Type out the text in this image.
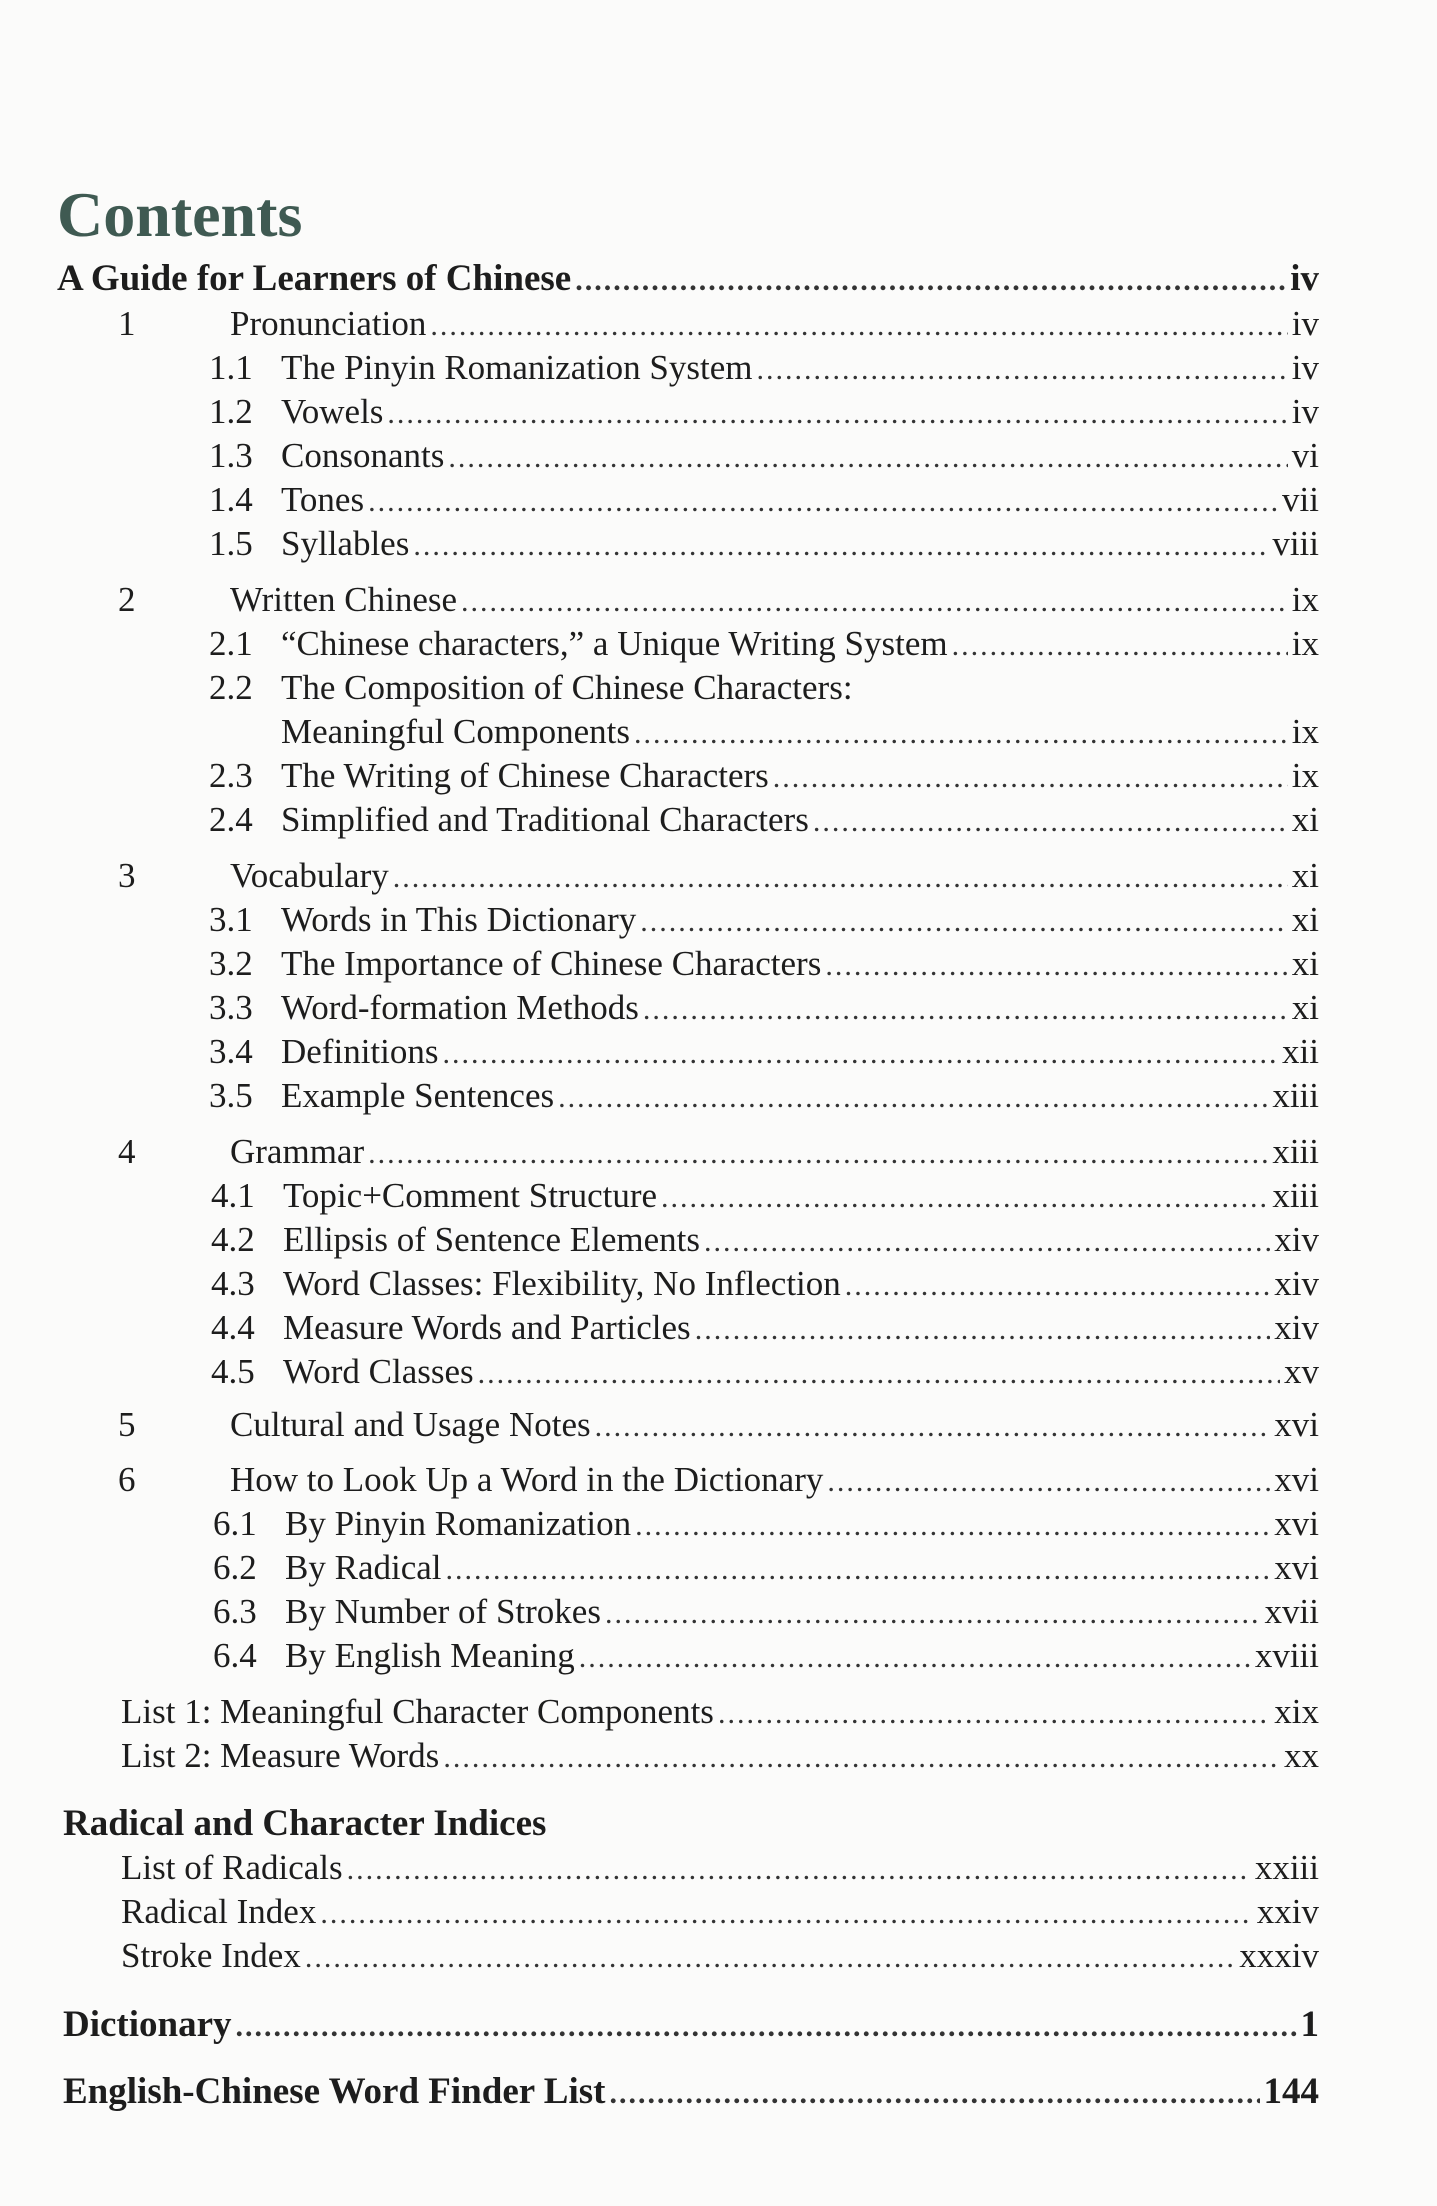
Contents
A Guide for Learners of Chinese .....	iv
1	Pronunciation .....	iv
1.1 The Pinyin Romanization System .....	iv
1.2 Vowels .....	iv
1.3 Consonants .....	vi
1.4 Tones .....	vii
1.5 Syllables .....	viii
2	Written Chinese .....	ix
2.1 “Chinese characters,” a Unique Writing System .....	ix
2.2 The Composition of Chinese Characters:
Meaningful Components .....	ix
2.3 The Writing of Chinese Characters .....	ix
2.4 Simplified and Traditional Characters .....	xi
3	Vocabulary .....	xi
3.1 Words in This Dictionary .....	xi
3.2 The Importance of Chinese Characters .....	xi
3.3 Word-formation Methods .....	xi
3.4 Definitions .....	xii
3.5 Example Sentences .....	xiii
4	Grammar .....	xiii
4.1 Topic+Comment Structure .....	xiii
4.2 Ellipsis of Sentence Elements .....	xiv
4.3 Word Classes: Flexibility, No Inflection .....	xiv
4.4 Measure Words and Particles .....	xiv
4.5 Word Classes .....	xv
5	Cultural and Usage Notes .....	xvi
6	How to Look Up a Word in the Dictionary .....	xvi
6.1 By Pinyin Romanization .....	xvi
6.2 By Radical .....	xvi
6.3 By Number of Strokes .....	xvii
6.4 By English Meaning .....	xviii
List 1: Meaningful Character Components .....	xix
List 2: Measure Words .....	xx
Radical and Character Indices
List of Radicals .....	xxiii
Radical Index .....	xxiv
Stroke Index .....	xxxiv
Dictionary .....	1
English-Chinese Word Finder List .....	144
